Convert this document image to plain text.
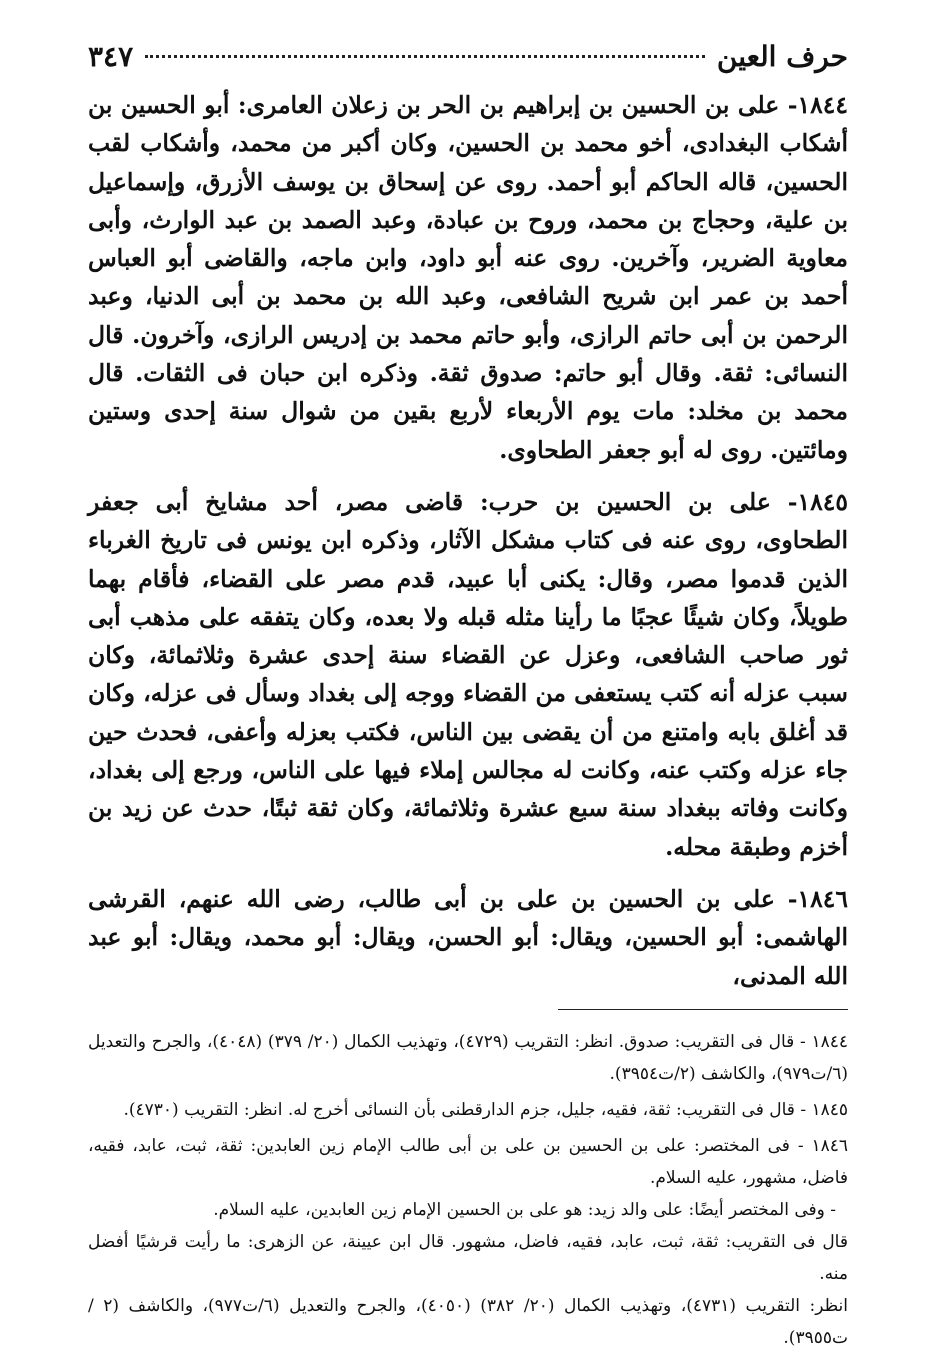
حرف العين
٣٤٧

١٨٤٤- على بن الحسين بن إبراهيم بن الحر بن زعلان العامرى: أبو الحسين بن أشكاب البغدادى، أخو محمد بن الحسين، وكان أكبر من محمد، وأشكاب لقب الحسين، قاله الحاكم أبو أحمد. روى عن إسحاق بن يوسف الأزرق، وإسماعيل بن علية، وحجاج بن محمد، وروح بن عبادة، وعبد الصمد بن عبد الوارث، وأبى معاوية الضرير، وآخرين. روى عنه أبو داود، وابن ماجه، والقاضى أبو العباس أحمد بن عمر ابن شريح الشافعى، وعبد الله بن محمد بن أبى الدنيا، وعبد الرحمن بن أبى حاتم الرازى، وأبو حاتم محمد بن إدريس الرازى، وآخرون. قال النسائى: ثقة. وقال أبو حاتم: صدوق ثقة. وذكره ابن حبان فى الثقات. قال محمد بن مخلد: مات يوم الأربعاء لأربع بقين من شوال سنة إحدى وستين ومائتين. روى له أبو جعفر الطحاوى.

١٨٤٥- على بن الحسين بن حرب: قاضى مصر، أحد مشايخ أبى جعفر الطحاوى، روى عنه فى كتاب مشكل الآثار، وذكره ابن يونس فى تاريخ الغرباء الذين قدموا مصر، وقال: يكنى أبا عبيد، قدم مصر على القضاء، فأقام بهما طويلاً، وكان شيئًا عجبًا ما رأينا مثله قبله ولا بعده، وكان يتفقه على مذهب أبى ثور صاحب الشافعى، وعزل عن القضاء سنة إحدى عشرة وثلاثمائة، وكان سبب عزله أنه كتب يستعفى من القضاء ووجه إلى بغداد وسأل فى عزله، وكان قد أغلق بابه وامتنع من أن يقضى بين الناس، فكتب بعزله وأعفى، فحدث حين جاء عزله وكتب عنه، وكانت له مجالس إملاء فيها على الناس، ورجع إلى بغداد، وكانت وفاته ببغداد سنة سبع عشرة وثلاثمائة، وكان ثقة ثبتًا، حدث عن زيد بن أخزم وطبقة محله.

١٨٤٦- على بن الحسين بن على بن أبى طالب، رضى الله عنهم، القرشى الهاشمى: أبو الحسين، ويقال: أبو الحسن، ويقال: أبو محمد، ويقال: أبو عبد الله المدنى،

١٨٤٤ - قال فى التقريب: صدوق. انظر: التقريب (٤٧٢٩)، وتهذيب الكمال (٢٠/ ٣٧٩) (٤٠٤٨)، والجرح والتعديل (٦/ت٩٧٩)، والكاشف (٢/ت٣٩٥٤).

١٨٤٥ - قال فى التقريب: ثقة، فقيه، جليل، جزم الدارقطنى بأن النسائى أخرج له. انظر: التقريب (٤٧٣٠).

١٨٤٦ - فى المختصر: على بن الحسين بن على بن أبى طالب الإمام زين العابدين: ثقة، ثبت، عابد، فقيه، فاضل، مشهور، عليه السلام.
- وفى المختصر أيضًا: على والد زيد: هو على بن الحسين الإمام زين العابدين، عليه السلام.
قال فى التقريب: ثقة، ثبت، عابد، فقيه، فاضل، مشهور. قال ابن عيينة، عن الزهرى: ما رأيت قرشيًا أفضل منه.
انظر: التقريب (٤٧٣١)، وتهذيب الكمال (٢٠/ ٣٨٢) (٤٠٥٠)، والجرح والتعديل (٦/ت٩٧٧)، والكاشف (٢ /ت٣٩٥٥).
